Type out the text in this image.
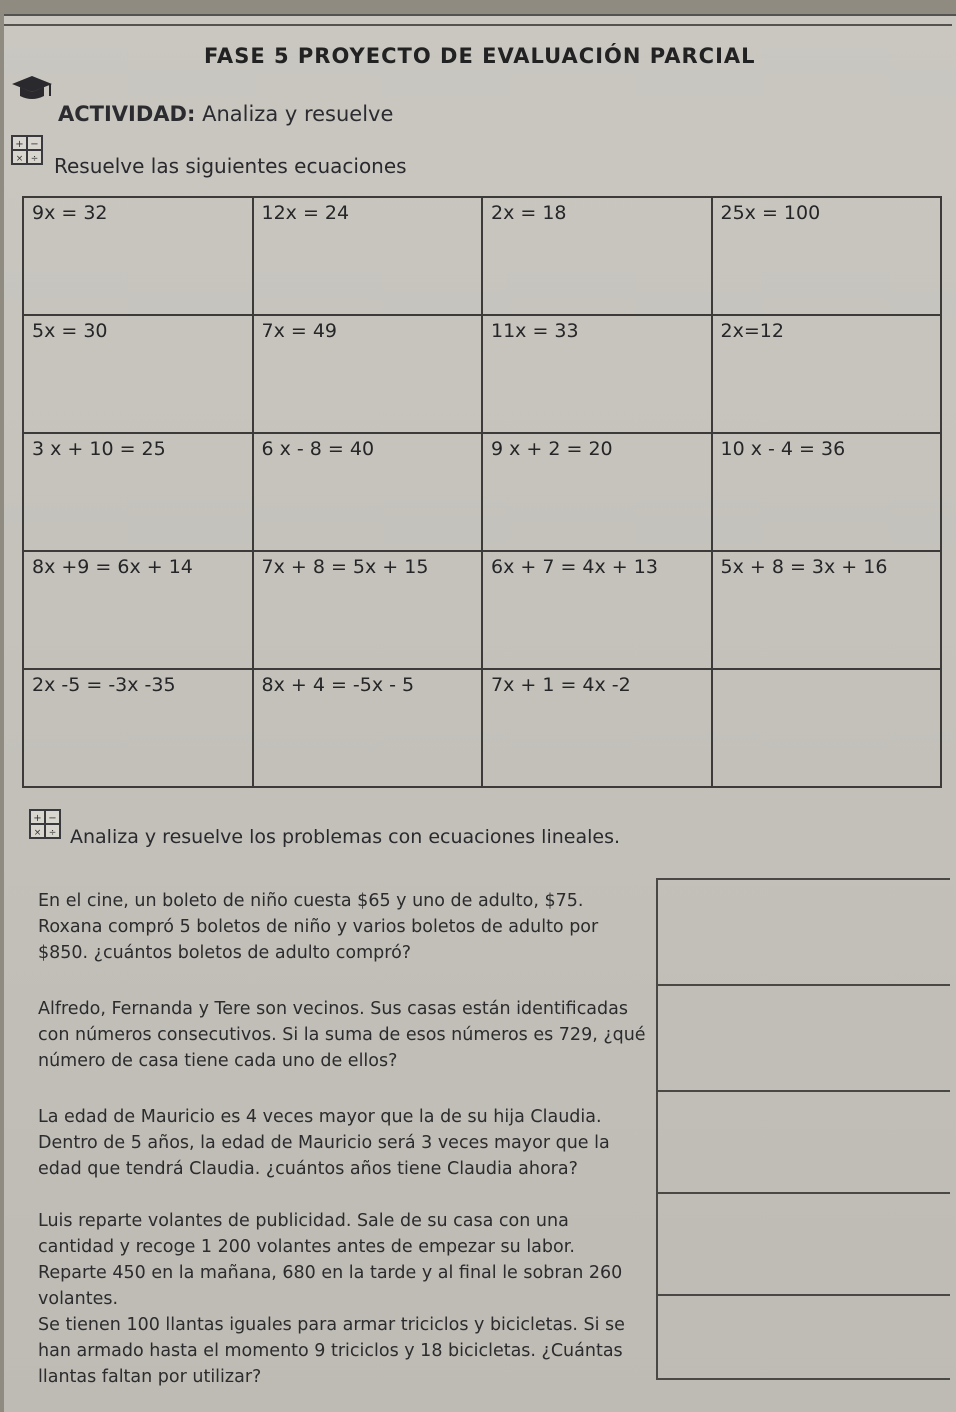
FASE 5 PROYECTO DE EVALUACIÓN PARCIAL
ACTIVIDAD: Analiza y resuelve
+ −
× ÷ Resuelve las siguientes ecuaciones
9x = 32	12x = 24	2x = 18	25x = 100
5x = 30	7x = 49	11x = 33	2x=12
3 x + 10 = 25	6 x - 8 = 40	9 x + 2 = 20	10 x - 4 = 36
8x +9 = 6x + 14	7x + 8 = 5x + 15	6x + 7 = 4x + 13	5x + 8 = 3x + 16
2x -5 = -3x -35	8x + 4 = -5x - 5	7x + 1 = 4x -2	
+ −
× ÷ Analiza y resuelve los problemas con ecuaciones lineales.

En el cine, un boleto de niño cuesta $65 y uno de adulto, $75. Roxana compró 5 boletos de niño y varios boletos de adulto por $850. ¿cuántos boletos de adulto compró?

Alfredo, Fernanda y Tere son vecinos. Sus casas están identificadas con números consecutivos. Si la suma de esos números es 729, ¿qué número de casa tiene cada uno de ellos?

La edad de Mauricio es 4 veces mayor que la de su hija Claudia. Dentro de 5 años, la edad de Mauricio será 3 veces mayor que la edad que tendrá Claudia. ¿cuántos años tiene Claudia ahora?

Luis reparte volantes de publicidad. Sale de su casa con una cantidad y recoge 1 200 volantes antes de empezar su labor. Reparte 450 en la mañana, 680 en la tarde y al final le sobran 260 volantes.

Se tienen 100 llantas iguales para armar triciclos y bicicletas. Si se han armado hasta el momento 9 triciclos y 18 bicicletas. ¿Cuántas llantas faltan por utilizar?
